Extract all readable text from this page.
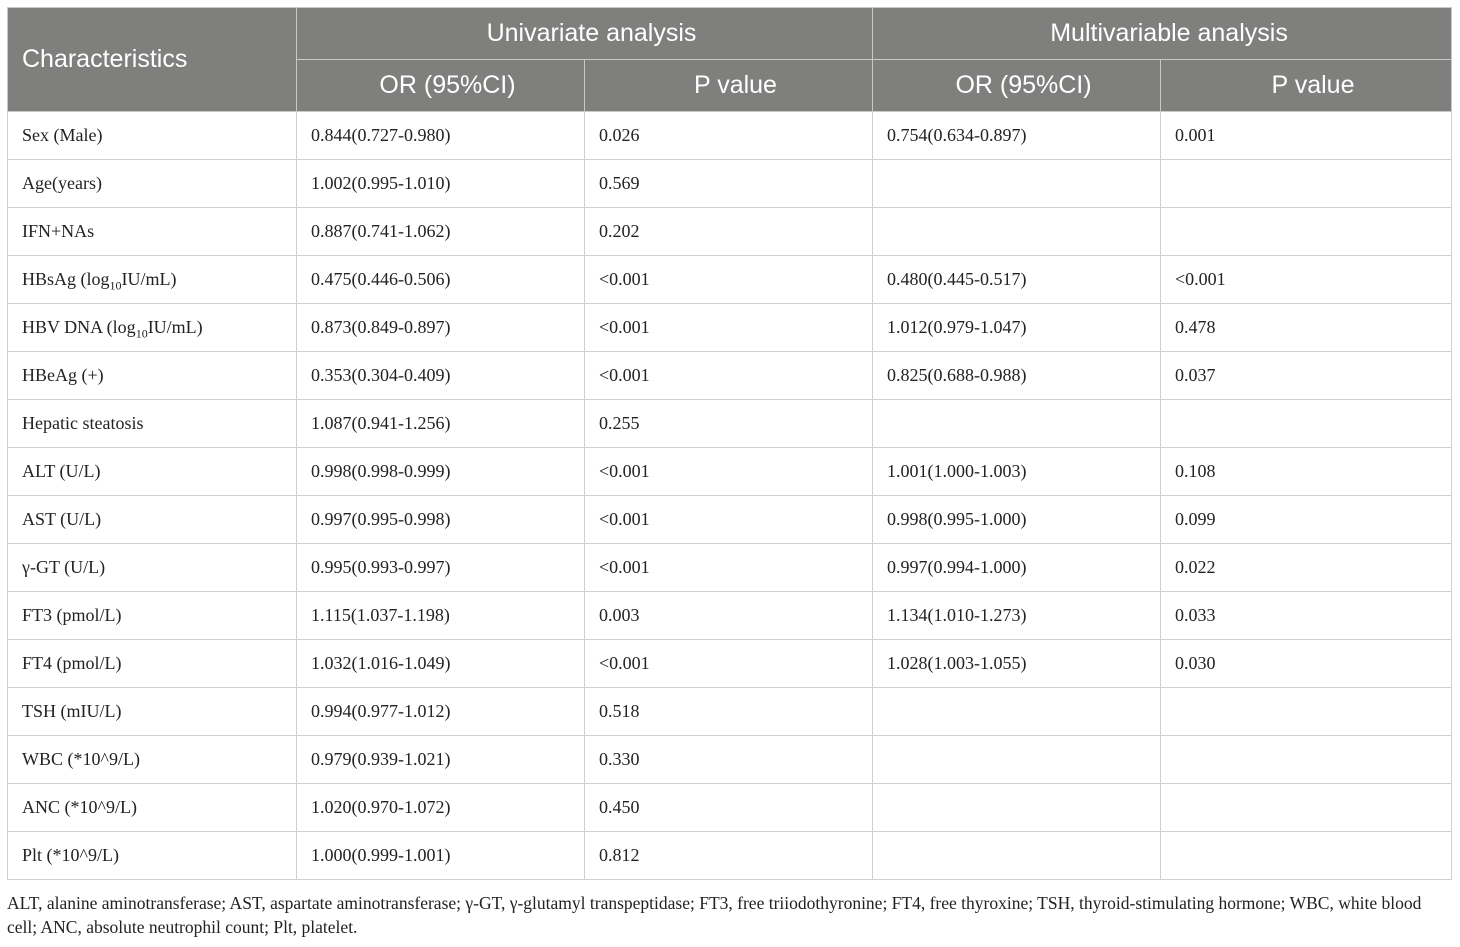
Characteristics	Univariate analysis		Multivariable analysis	
	OR (95%CI)	P value	OR (95%CI)	P value
Sex (Male)	0.844(0.727-0.980)	0.026	0.754(0.634-0.897)	0.001
Age(years)	1.002(0.995-1.010)	0.569		
IFN+NAs	0.887(0.741-1.062)	0.202		
HBsAg $(\log_{10}IU/mL)$	0.475(0.446-0.506)	<0.001	0.480(0.445-0.517)	<0.001
HBV DNA $(\log_{10}IU/mL)$	0.873(0.849-0.897)	<0.001	1.012(0.979-1.047)	0.478
HBeAg (+)	0.353(0.304-0.409)	<0.001	0.825(0.688-0.988)	0.037
Hepatic steatosis	1.087(0.941-1.256)	0.255		
ALT (U/L)	0.998(0.998-0.999)	<0.001	1.001(1.000-1.003)	0.108
AST (U/L)	0.997(0.995-0.998)	<0.001	0.998(0.995-1.000)	0.099
γ-GT (U/L)	0.995(0.993-0.997)	<0.001	0.997(0.994-1.000)	0.022
FT3 (pmol/L)	1.115(1.037-1.198)	0.003	1.134(1.010-1.273)	0.033
FT4 (pmol/L)	1.032(1.016-1.049)	<0.001	1.028(1.003-1.055)	0.030
TSH (mIU/L)	0.994(0.977-1.012)	0.518		
WBC (*10^9/L)	0.979(0.939-1.021)	0.330		
ANC (*10^9/L)	1.020(0.970-1.072)	0.450		
Plt (*10^9/L)	1.000(0.999-1.001)	0.812		
ALT, alanine aminotransferase; AST, aspartate aminotransferase; γ-GT, γ-glutamyl transpeptidase; FT3, free triiodothyronine; FT4, free thyroxine; TSH, thyroid-stimulating hormone; WBC, white blood cell; ANC, absolute neutrophil count; Plt, platelet.
